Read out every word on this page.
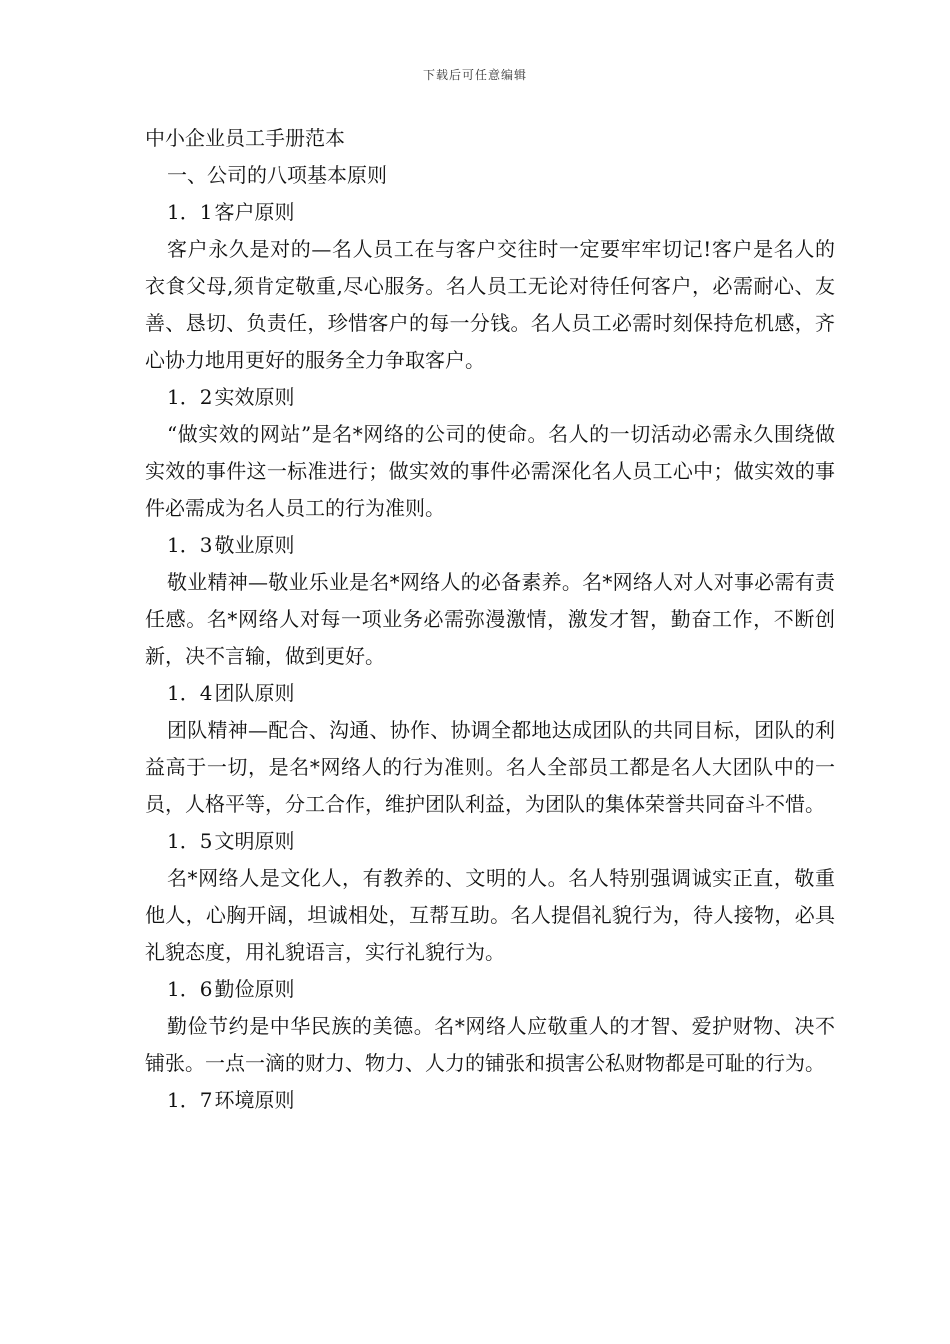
下载后可任意编辑

中小企业员工手册范本

一、公司的八项基本原则

1．1 客户原则

客户永久是对的—名人员工在与客户交往时一定要牢牢切记!客户是名人的衣食父母,须肯定敬重,尽心服务。名人员工无论对待任何客户，必需耐心、友善、恳切、负责任，珍惜客户的每一分钱。名人员工必需时刻保持危机感，齐心协力地用更好的服务全力争取客户。

1．2 实效原则

“做实效的网站”是名*网络的公司的使命。名人的一切活动必需永久围绕做实效的事件这一标准进行；做实效的事件必需深化名人员工心中；做实效的事件必需成为名人员工的行为准则。

1．3 敬业原则

敬业精神—敬业乐业是名*网络人的必备素养。名*网络人对人对事必需有责任感。名*网络人对每一项业务必需弥漫激情，激发才智，勤奋工作，不断创新，决不言输，做到更好。

1．4 团队原则

团队精神—配合、沟通、协作、协调全都地达成团队的共同目标，团队的利益高于一切，是名*网络人的行为准则。名人全部员工都是名人大团队中的一员，人格平等，分工合作，维护团队利益，为团队的集体荣誉共同奋斗不惜。

1．5 文明原则

名*网络人是文化人，有教养的、文明的人。名人特别强调诚实正直，敬重他人，心胸开阔，坦诚相处，互帮互助。名人提倡礼貌行为，待人接物，必具礼貌态度，用礼貌语言，实行礼貌行为。

1．6 勤俭原则

勤俭节约是中华民族的美德。名*网络人应敬重人的才智、爱护财物、决不铺张。一点一滴的财力、物力、人力的铺张和损害公私财物都是可耻的行为。

1．7 环境原则
